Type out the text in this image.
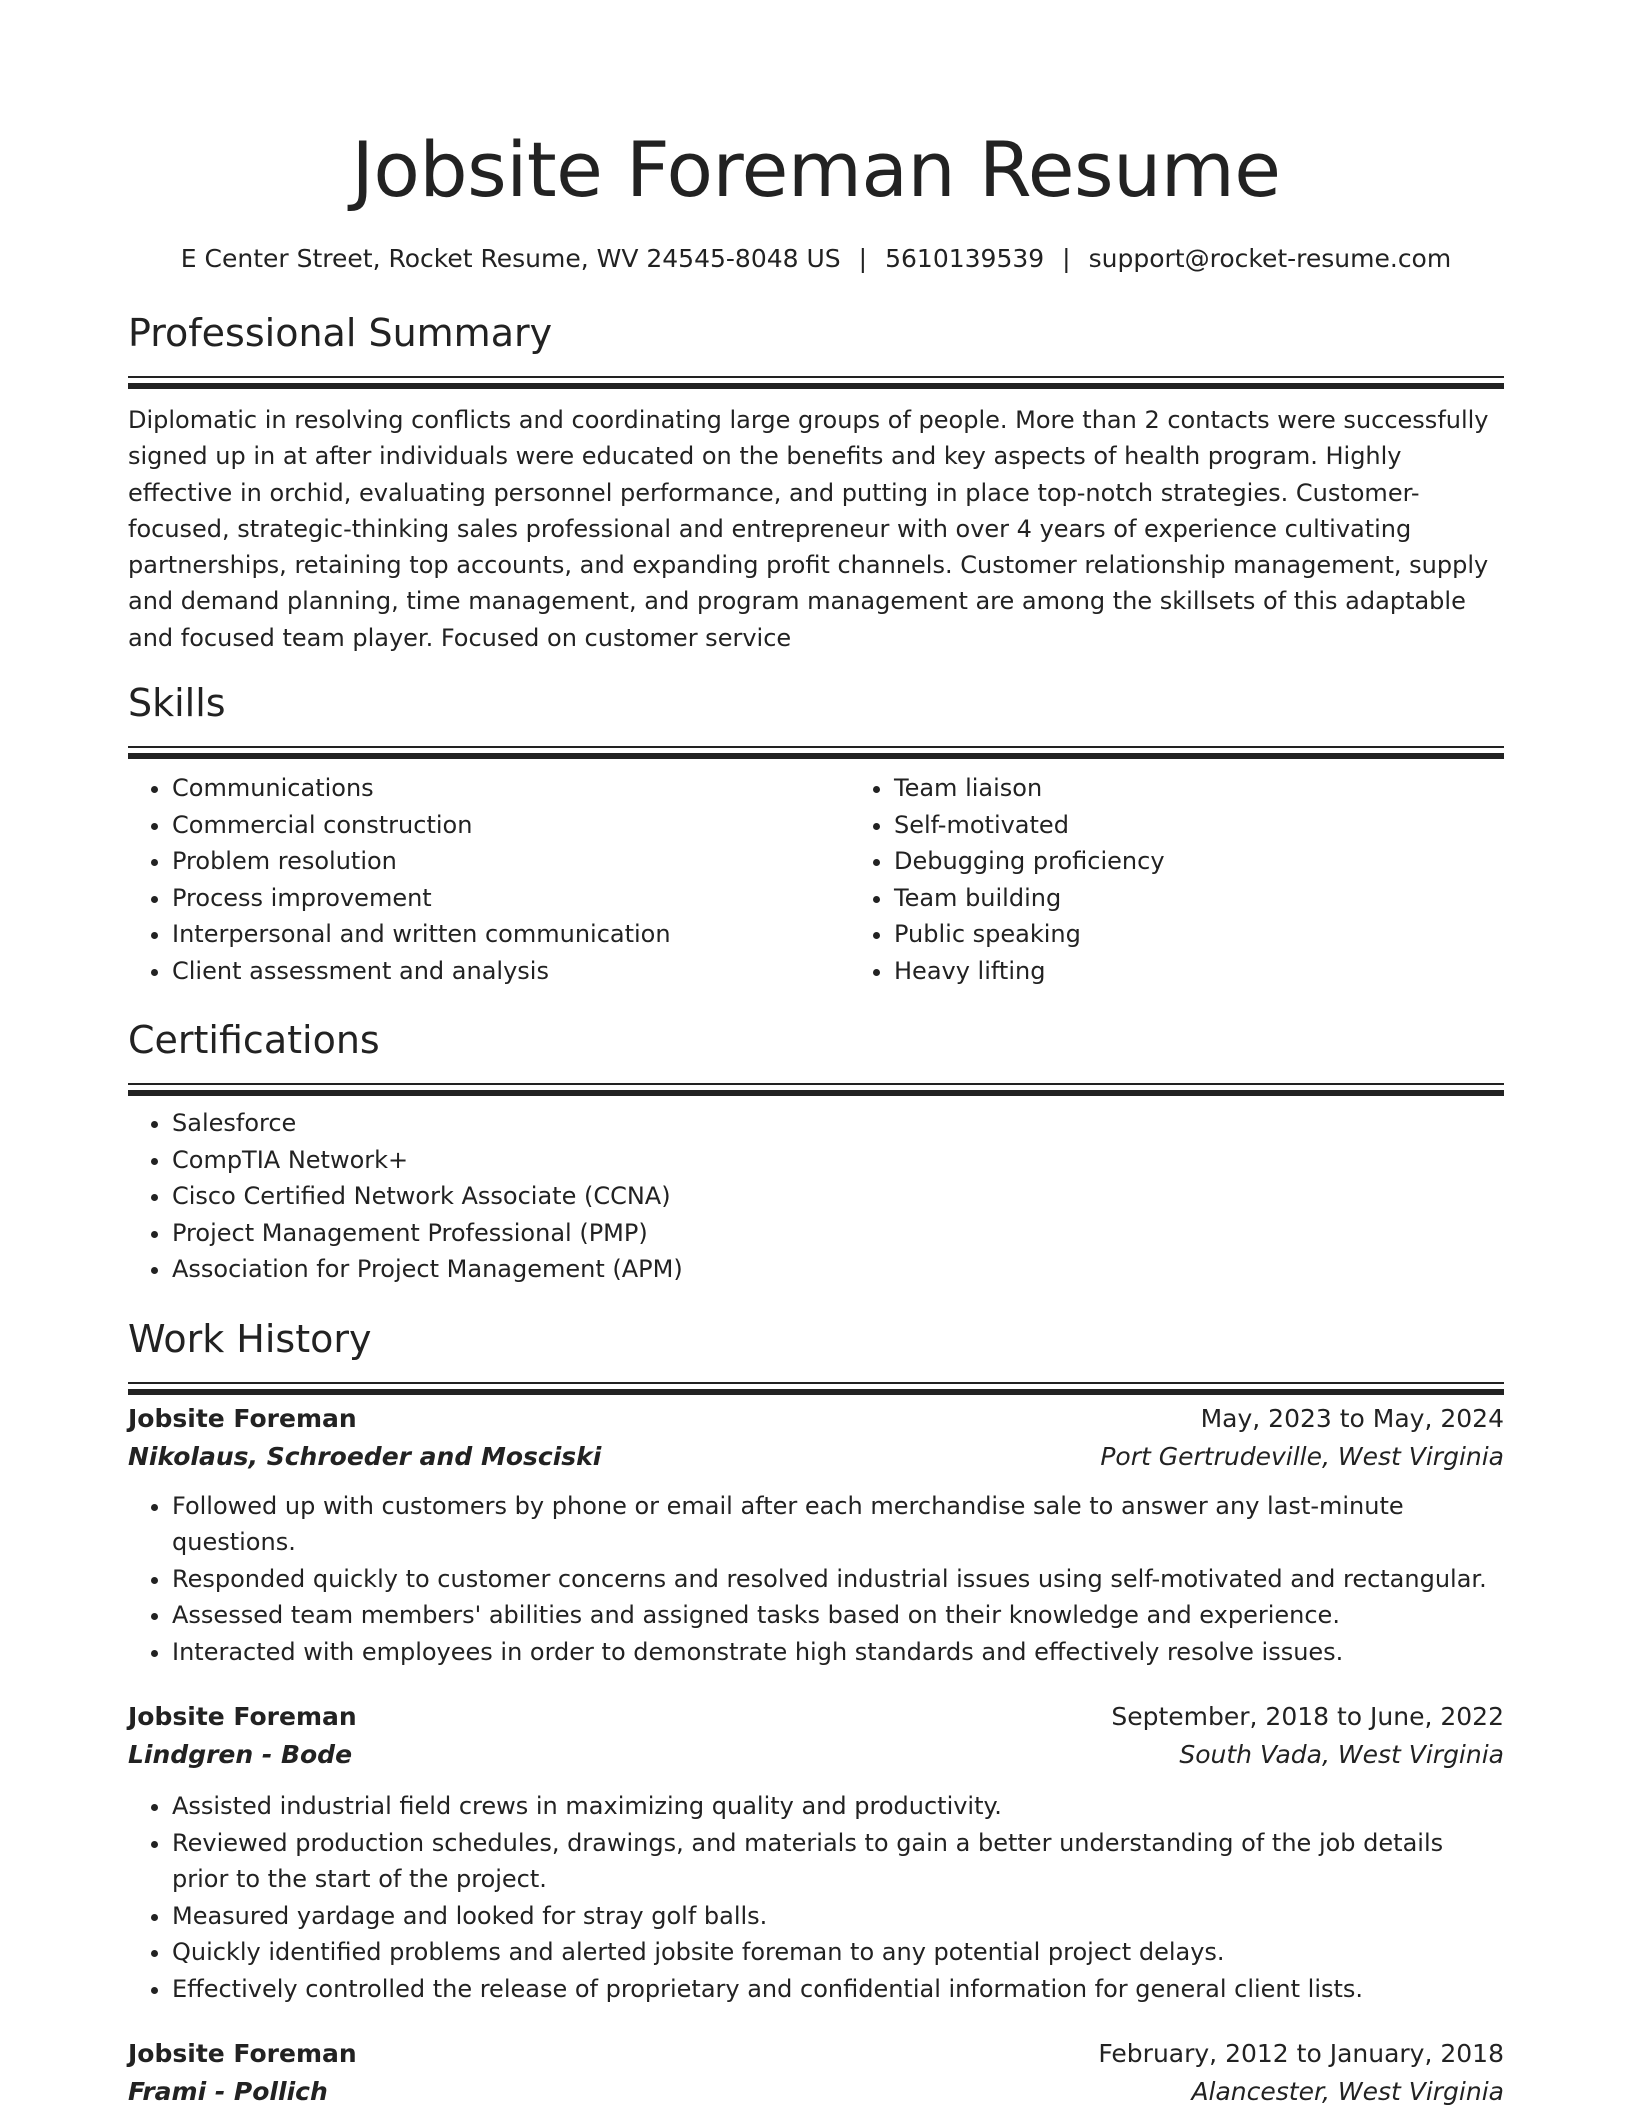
Jobsite Foreman Resume
E Center Street, Rocket Resume, WV 24545-8048 US | 5610139539 | support@rocket-resume.com
Professional Summary

Diplomatic in resolving conflicts and coordinating large groups of people. More than 2 contacts were successfully signed up in at after individuals were educated on the benefits and key aspects of health program. Highly effective in orchid, evaluating personnel performance, and putting in place top-notch strategies. Customer-focused, strategic-thinking sales professional and entrepreneur with over 4 years of experience cultivating partnerships, retaining top accounts, and expanding profit channels. Customer relationship management, supply and demand planning, time management, and program management are among the skillsets of this adaptable and focused team player. Focused on customer service

Skills
• Communications
• Commercial construction
• Problem resolution
• Process improvement
• Interpersonal and written communication
• Client assessment and analysis
• Team liaison
• Self-motivated
• Debugging proficiency
• Team building
• Public speaking
• Heavy lifting
Certifications
• Salesforce
• CompTIA Network+
• Cisco Certified Network Associate (CCNA)
• Project Management Professional (PMP)
• Association for Project Management (APM)
Work History
Jobsite Foreman	May, 2023 to May, 2024
Nikolaus, Schroeder and Mosciski	Port Gertrudeville, West Virginia
• Followed up with customers by phone or email after each merchandise sale to answer any last-minute questions.
• Responded quickly to customer concerns and resolved industrial issues using self-motivated and rectangular.
• Assessed team members' abilities and assigned tasks based on their knowledge and experience.
• Interacted with employees in order to demonstrate high standards and effectively resolve issues.
Jobsite Foreman	September, 2018 to June, 2022
Lindgren - Bode	South Vada, West Virginia
• Assisted industrial field crews in maximizing quality and productivity.
• Reviewed production schedules, drawings, and materials to gain a better understanding of the job details prior to the start of the project.
• Measured yardage and looked for stray golf balls.
• Quickly identified problems and alerted jobsite foreman to any potential project delays.
• Effectively controlled the release of proprietary and confidential information for general client lists.
Jobsite Foreman	February, 2012 to January, 2018
Frami - Pollich	Alancester, West Virginia
